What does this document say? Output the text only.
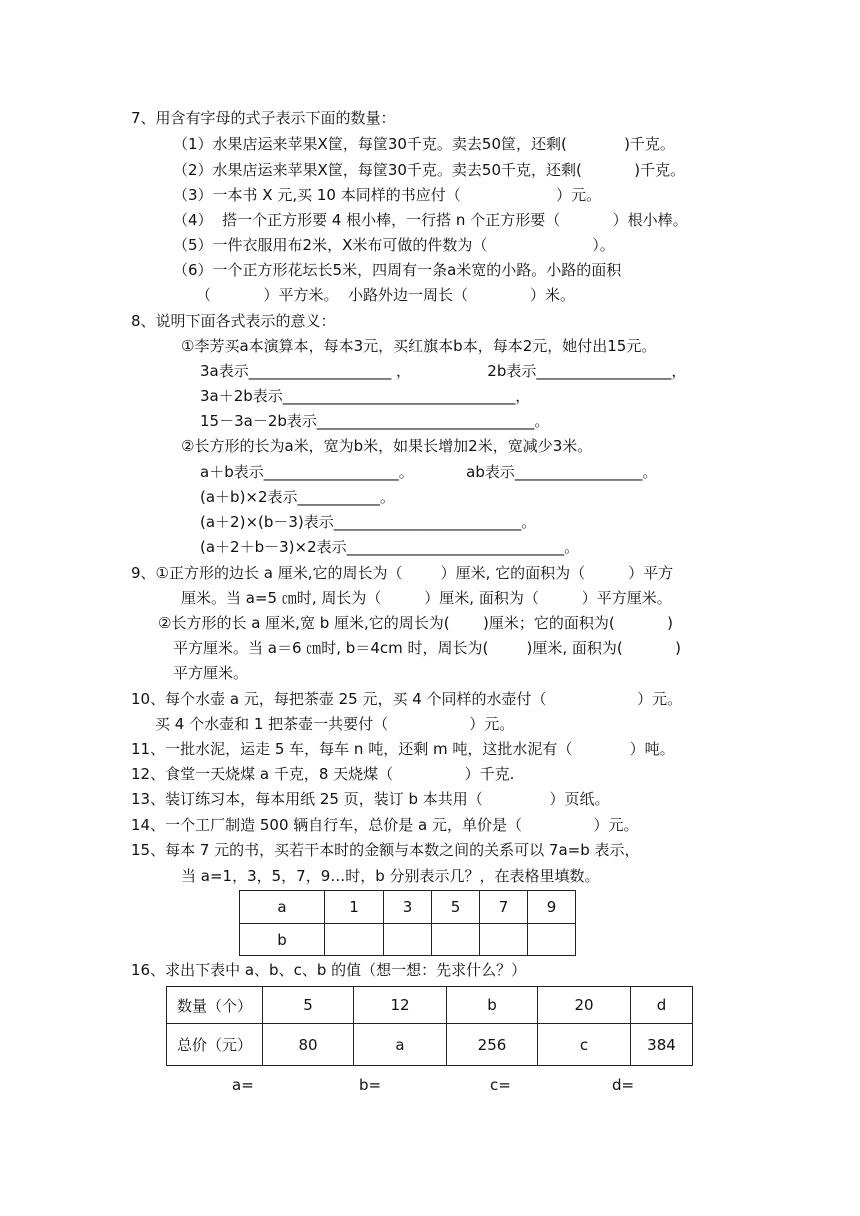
7、用含有字母的式子表示下面的数量：
（1）水果店运来苹果X筐，每筐30千克。卖去50筐，还剩(            )千克。
（2）水果店运来苹果X筐，每筐30千克。卖去50千克，还剩(           )千克。
（3）一本书 X 元,买 10 本同样的书应付（                    ）元。
（4）  搭一个正方形要 4 根小棒，一行搭 n 个正方形要（           ）根小棒。
（5）一件衣服用布2米，X米布可做的件数为（                      ）。
（6）一个正方形花坛长5米，四周有一条a米宽的小路。小路的面积
（           ）平方米。  小路外边一周长（             ）米。
8、说明下面各式表示的意义：
①李芳买a本演算本，每本3元，买红旗本b本，每本2元，她付出15元。
3a表示___________________ ，                2b表示__________________，
3a＋2b表示_______________________________，
15－3a－2b表示_____________________________。
②长方形的长为a米，宽为b米，如果长增加2米，宽减少3米。
a＋b表示__________________。           ab表示_________________。
(a＋b)×2表示___________。
(a＋2)×(b－3)表示_________________________。
(a＋2＋b－3)×2表示_____________________________。
9、①正方形的边长 a 厘米,它的周长为（        ）厘米, 它的面积为（         ）平方
厘米。当 a=5 ㎝时, 周长为（         ）厘米, 面积为（         ）平方厘米。
②长方形的长 a 厘米,宽 b 厘米,它的周长为(       )厘米；它的面积为(           )
平方厘米。当 a＝6 ㎝时, b＝4cm 时，周长为(        )厘米, 面积为(           )
平方厘米。
10、每个水壶 a 元，每把茶壶 25 元，买 4 个同样的水壶付（                   ）元。
买 4 个水壶和 1 把茶壶一共要付（                 ）元。
11、一批水泥，运走 5 车，每车 n 吨，还剩 m 吨，这批水泥有（            ）吨。
12、食堂一天烧煤 a 千克，8 天烧煤（               ）千克.
13、装订练习本，每本用纸 25 页，装订 b 本共用（              ）页纸。
14、一个工厂制造 500 辆自行车，总价是 a 元，单价是（               ）元。
15、每本 7 元的书，买若干本时的金额与本数之间的关系可以 7a=b 表示，
当 a=1，3，5，7，9…时，b 分别表示几？，在表格里填数。
a	1	3	5	7	9
b					
16、求出下表中 a、b、c、b 的值（想一想：先求什么？）
数量（个）	5	12	b	20	d
总价（元）	80	a	256	c	384
a=	b=	c=	d=
